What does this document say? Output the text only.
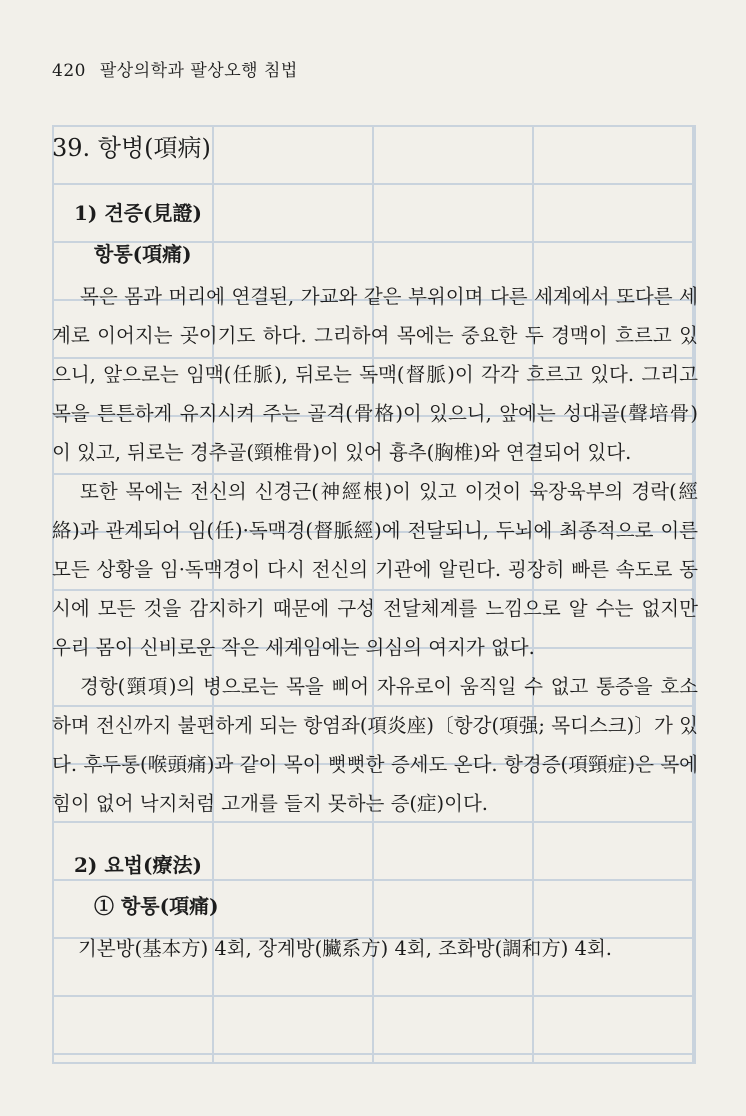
420 팔상의학과 팔상오행 침법
39. 항병(項病)
1) 견증(見證)
항통(項痛)

목은 몸과 머리에 연결된, 가교와 같은 부위이며 다른 세계에서 또다른 세계로 이어지는 곳이기도 하다. 그리하여 목에는 중요한 두 경맥이 흐르고 있으니, 앞으로는 임맥(任脈), 뒤로는 독맥(督脈)이 각각 흐르고 있다. 그리고 목을 튼튼하게 유지시켜 주는 골격(骨格)이 있으니, 앞에는 성대골(聲培骨)이 있고, 뒤로는 경추골(頸椎骨)이 있어 흉추(胸椎)와 연결되어 있다.

또한 목에는 전신의 신경근(神經根)이 있고 이것이 육장육부의 경락(經絡)과 관계되어 임(任)·독맥경(督脈經)에 전달되니, 두뇌에 최종적으로 이른 모든 상황을 임·독맥경이 다시 전신의 기관에 알린다. 굉장히 빠른 속도로 동시에 모든 것을 감지하기 때문에 구성 전달체계를 느낌으로 알 수는 없지만 우리 몸이 신비로운 작은 세계임에는 의심의 여지가 없다.

경항(頸項)의 병으로는 목을 삐어 자유로이 움직일 수 없고 통증을 호소하며 전신까지 불편하게 되는 항염좌(項炎座)〔항강(項强; 목디스크)〕가 있다. 후두통(喉頭痛)과 같이 목이 뻣뻣한 증세도 온다. 항경증(項頸症)은 목에 힘이 없어 낙지처럼 고개를 들지 못하는 증(症)이다.

2) 요법(療法)
① 항통(項痛)

기본방(基本方) 4회, 장계방(臟系方) 4회, 조화방(調和方) 4회.
